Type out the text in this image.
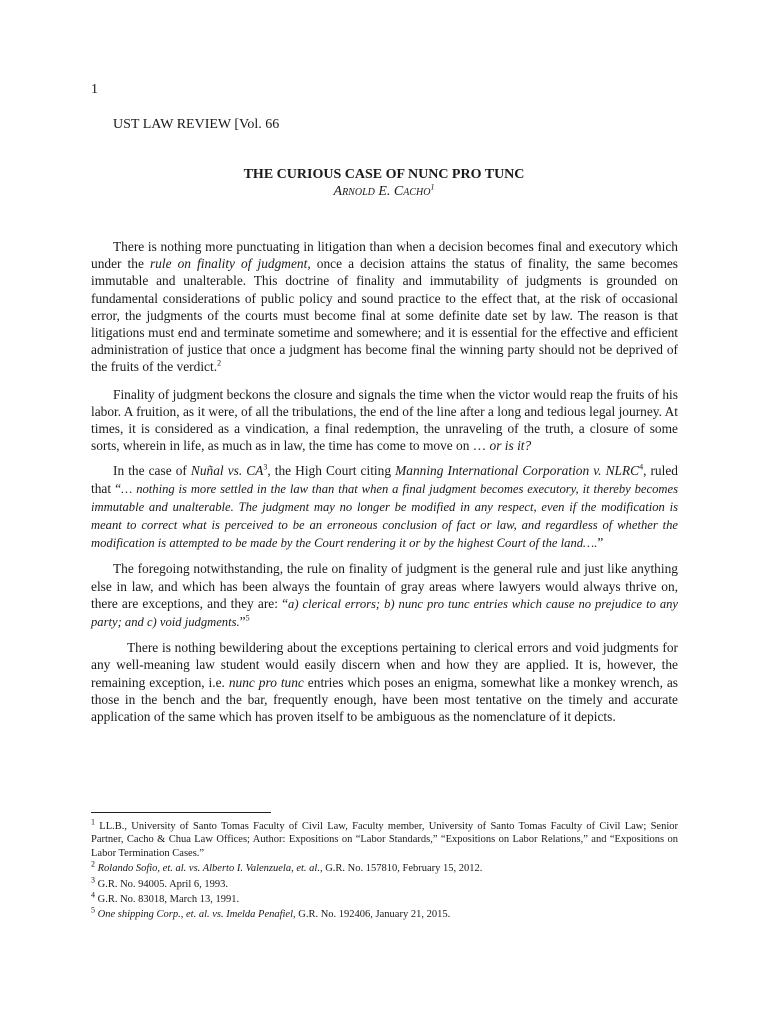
1
UST LAW REVIEW [Vol. 66
THE CURIOUS CASE OF NUNC PRO TUNC
Arnold E. Cacho$^1$

There is nothing more punctuating in litigation than when a decision becomes final and executory which under the rule on finality of judgment, once a decision attains the status of finality, the same becomes immutable and unalterable. This doctrine of finality and immutability of judgments is grounded on fundamental considerations of public policy and sound practice to the effect that, at the risk of occasional error, the judgments of the courts must become final at some definite date set by law. The reason is that litigations must end and terminate sometime and somewhere; and it is essential for the effective and efficient administration of justice that once a judgment has become final the winning party should not be deprived of the fruits of the verdict.$^2$

Finality of judgment beckons the closure and signals the time when the victor would reap the fruits of his labor. A fruition, as it were, of all the tribulations, the end of the line after a long and tedious legal journey. At times, it is considered as a vindication, a final redemption, the unraveling of the truth, a closure of some sorts, wherein in life, as much as in law, the time has come to move on … or is it?

In the case of Nuñal vs. $CA^3$, the High Court citing Manning International Corporation v. NLRC$^4$, ruled that “… nothing is more settled in the law than that when a final judgment becomes executory, it thereby becomes immutable and unalterable. The judgment may no longer be modified in any respect, even if the modification is meant to correct what is perceived to be an erroneous conclusion of fact or law, and regardless of whether the modification is attempted to be made by the Court rendering it or by the highest Court of the land….”

The foregoing notwithstanding, the rule on finality of judgment is the general rule and just like anything else in law, and which has been always the fountain of gray areas where lawyers would always thrive on, there are exceptions, and they are: “a) clerical errors; b) nunc pro tunc entries which cause no prejudice to any party; and c) void judgments.”$^5$

There is nothing bewildering about the exceptions pertaining to clerical errors and void judgments for any well-meaning law student would easily discern when and how they are applied. It is, however, the remaining exception, i.e. nunc pro tunc entries which poses an enigma, somewhat like a monkey wrench, as those in the bench and the bar, frequently enough, have been most tentative on the timely and accurate application of the same which has proven itself to be ambiguous as the nomenclature of it depicts.

$^1$ LL.B., University of Santo Tomas Faculty of Civil Law, Faculty member, University of Santo Tomas Faculty of Civil Law; Senior Partner, Cacho & Chua Law Offices; Author: Expositions on “Labor Standards,” “Expositions on Labor Relations,” and “Expositions on Labor Termination Cases.”
$^2$ Rolando Sofio, et. al. vs. Alberto I. Valenzuela, et. al., G.R. No. 157810, February 15, 2012.
$^3$ G.R. No. 94005. April 6, 1993.
$^4$ G.R. No. 83018, March 13, 1991.
$^5$ One shipping Corp., et. al. vs. Imelda Penafiel, G.R. No. 192406, January 21, 2015.
